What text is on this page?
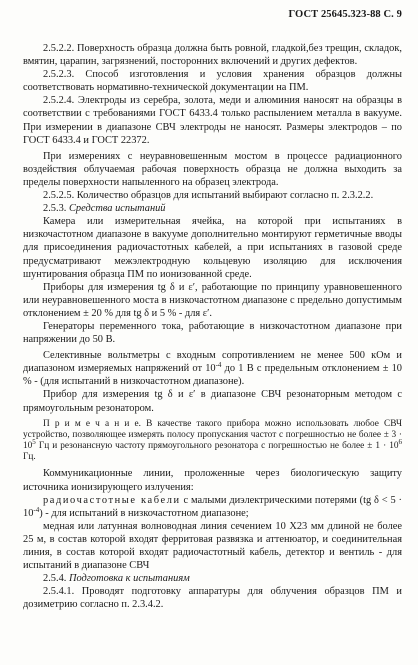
ГОСТ 25645.323-88 С. 9

2.5.2.2. Поверхность образца должна быть ровной, гладкой,без трещин, складок, вмятин, царапин, загрязнений, посторонних включений и других дефектов.

2.5.2.3. Способ изготовления и условия хранения образцов должны соответствовать нормативно-технической документации на ПМ.

2.5.2.4. Электроды из серебра, золота, меди и алюминия наносят на образцы в соответствии с требованиями ГОСТ 6433.4 только распылением металла в вакууме. При измерении в диапазоне СВЧ электроды не наносят. Размеры электродов – по ГОСТ 6433.4 и ГОСТ 22372.

При измерениях с неуравновешенным мостом в процессе радиационного воздействия облучаемая рабочая поверхность образца не должна выходить за пределы поверхности напыленного на образец электрода.

2.5.2.5. Количество образцов для испытаний выбирают согласно п. 2.3.2.2.

2.5.3. Средства испытаний

Камера или измерительная ячейка, на которой при испытаниях в низкочастотном диапазоне в вакууме дополнительно монтируют герметичные вводы для присоединения радиочастотных кабелей, а при испытаниях в газовой среде предусматривают межэлектродную кольцевую изоляцию для исключения шунтирования образца ПМ по ионизованной среде.

Приборы для измерения tg δ и ε′, работающие по принципу уравновешенного или неуравновешенного моста в низкочастотном диапазоне с предельно допустимым отклонением ± 20 % для tg δ и 5 % - для ε′.

Генераторы переменного тока, работающие в низкочастотном диапазоне при напряжении до 50 В.

Селективные вольтметры с входным сопротивлением не менее 500 кОм и диапазоном измеряемых напряжений от $10^{-4}$ до 1 В с предельным отклонением ± 10 % - (для испытаний в низкочастотном диапазоне).

Прибор для измерения tg δ и ε′ в диапазоне СВЧ резонаторным методом с прямоугольным резонатором.

П р и м е ч а н и е. В качестве такого прибора можно использовать любое СВЧ устройство, позволяющее измерять полосу пропускания частот с погрешностью не более ± $3 \cdot 10^5$ Гц и резонансную частоту прямоугольного резонатора с погрешностью не более ± $1 \cdot 10^6$ Гц.

Коммуникационные линии, проложенные через биологическую защиту источника ионизирующего излучения:

радиочастотные кабели с малыми диэлектрическими потерями (tg $\delta < 5 \cdot 10^{-4}$) - для испытаний в низкочастотном диапазоне;

медная или латунная волноводная линия сечением 10 X23 мм длиной не более 25 м, в состав которой входят ферритовая развязка и аттенюатор, и соединительная линия, в состав которой входят радиочастотный кабель, детектор и вентиль - для испытаний в диапазоне СВЧ

2.5.4. Подготовка к испытаниям

2.5.4.1. Проводят подготовку аппаратуры для облучения образцов ПМ и дозиметрию согласно п. 2.3.4.2.
